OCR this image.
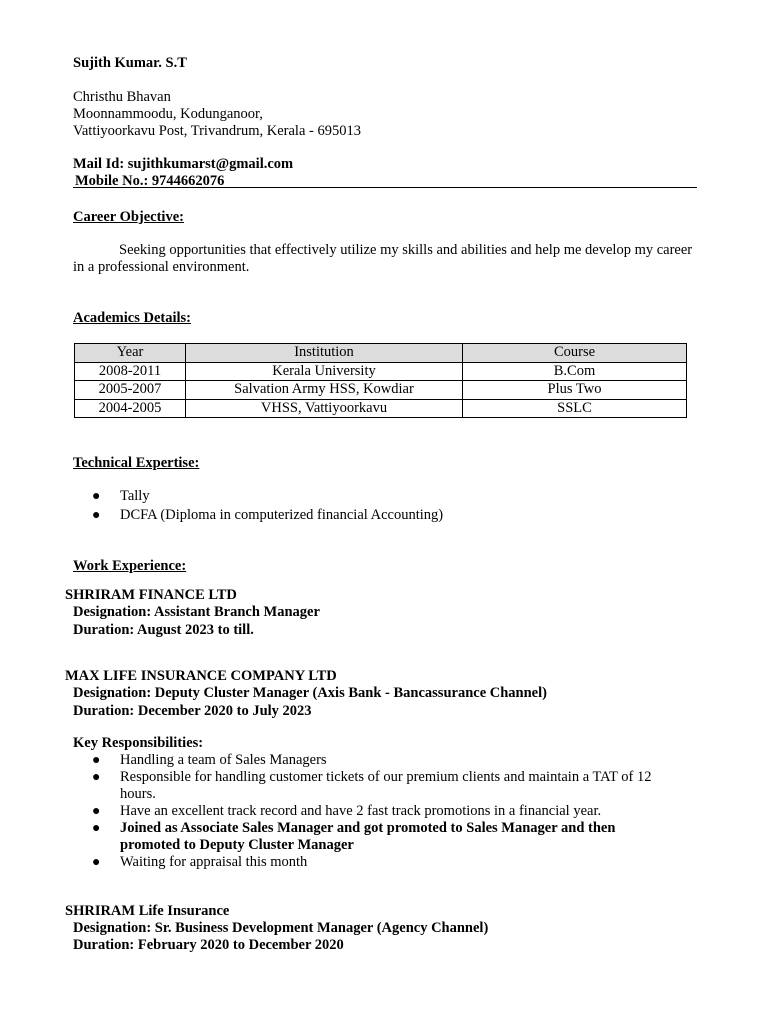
Sujith Kumar. S.T
Christhu Bhavan
Moonnammoodu, Kodunganoor,
Vattiyoorkavu Post, Trivandrum, Kerala - 695013
Mail Id: sujithkumarst@gmail.com
Mobile No.: 9744662076
Career Objective:
Seeking opportunities that effectively utilize my skills and abilities and help me develop my career in a professional environment.
Academics Details:
Year	Institution	Course
2008-2011	Kerala University	B.Com
2005-2007	Salvation Army HSS, Kowdiar	Plus Two
2004-2005	VHSS, Vattiyoorkavu	SSLC
Technical Expertise:
● Tally
● DCFA (Diploma in computerized financial Accounting)
Work Experience:
SHRIRAM FINANCE LTD
Designation: Assistant Branch Manager
Duration: August 2023 to till.
MAX LIFE INSURANCE COMPANY LTD
Designation: Deputy Cluster Manager (Axis Bank - Bancassurance Channel)
Duration: December 2020 to July 2023
Key Responsibilities:
● Handling a team of Sales Managers
● Responsible for handling customer tickets of our premium clients and maintain a TAT of 12 hours.
● Have an excellent track record and have 2 fast track promotions in a financial year.
● Joined as Associate Sales Manager and got promoted to Sales Manager and then promoted to Deputy Cluster Manager
● Waiting for appraisal this month
SHRIRAM Life Insurance
Designation: Sr. Business Development Manager (Agency Channel)
Duration: February 2020 to December 2020
